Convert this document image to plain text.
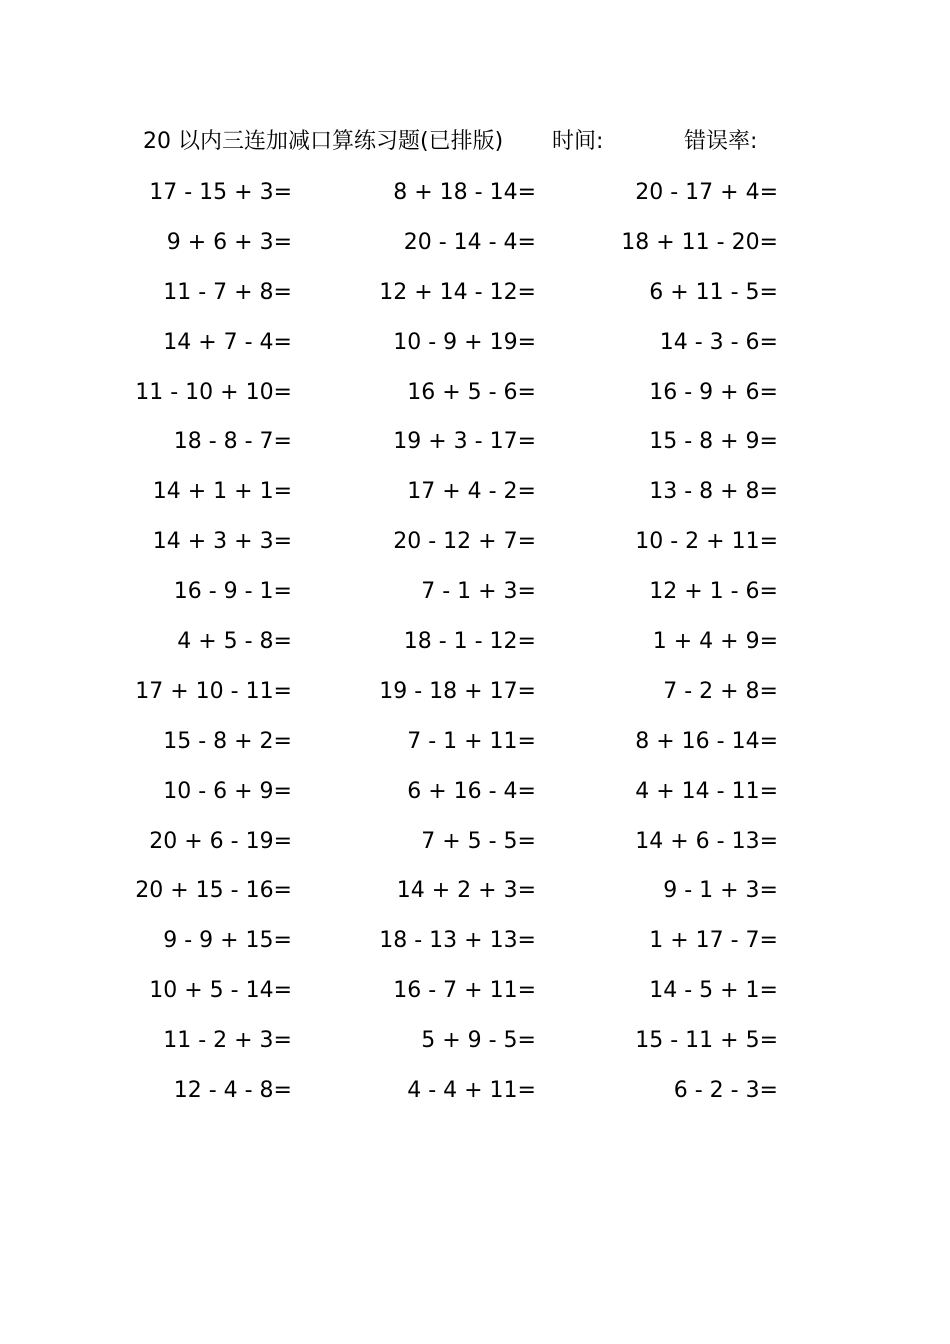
20 以内三连加减口算练习题(已排版) 时间:	错误率:
17 - 15 + 3=	8 + 18 - 14=	20 - 17 + 4=
9 + 6 + 3=	20 - 14 - 4=	18 + 11 - 20=
11 - 7 + 8=	12 + 14 - 12=	6 + 11 - 5=
14 + 7 - 4=	10 - 9 + 19=	14 - 3 - 6=
11 - 10 + 10=	16 + 5 - 6=	16 - 9 + 6=
18 - 8 - 7=	19 + 3 - 17=	15 - 8 + 9=
14 + 1 + 1=	17 + 4 - 2=	13 - 8 + 8=
14 + 3 + 3=	20 - 12 + 7=	10 - 2 + 11=
16 - 9 - 1=	7 - 1 + 3=	12 + 1 - 6=
4 + 5 - 8=	18 - 1 - 12=	1 + 4 + 9=
17 + 10 - 11=	19 - 18 + 17=	7 - 2 + 8=
15 - 8 + 2=	7 - 1 + 11=	8 + 16 - 14=
10 - 6 + 9=	6 + 16 - 4=	4 + 14 - 11=
20 + 6 - 19=	7 + 5 - 5=	14 + 6 - 13=
20 + 15 - 16=	14 + 2 + 3=	9 - 1 + 3=
9 - 9 + 15=	18 - 13 + 13=	1 + 17 - 7=
10 + 5 - 14=	16 - 7 + 11=	14 - 5 + 1=
11 - 2 + 3=	5 + 9 - 5=	15 - 11 + 5=
12 - 4 - 8=	4 - 4 + 11=	6 - 2 - 3=
